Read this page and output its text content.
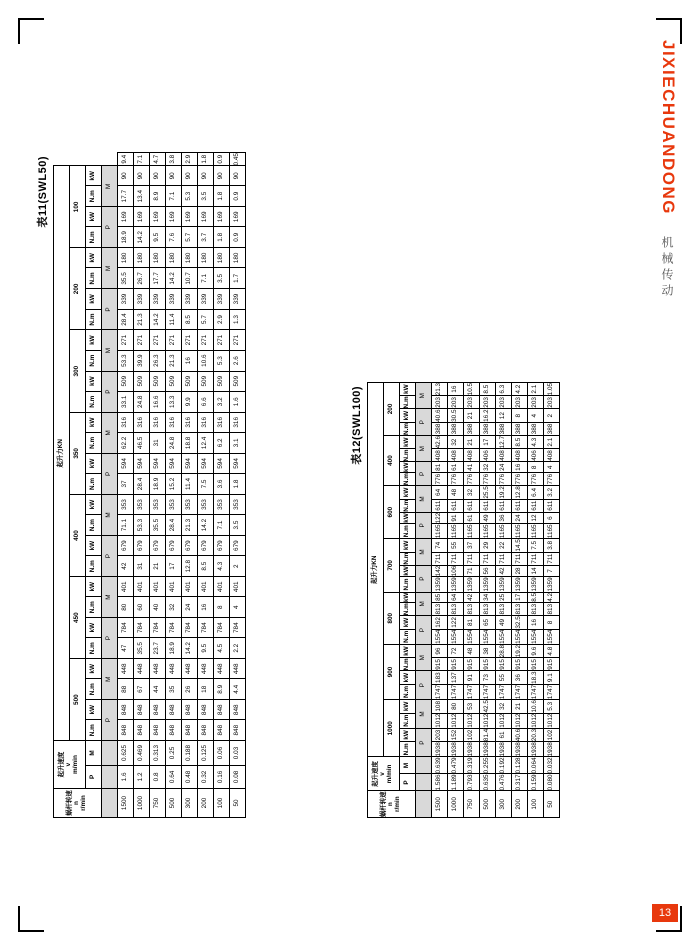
JIXIECHUANDONG
机械传动
13
表11(SWL50)
蜗杆转速 n r/min

起升速度 v m/min
	起升力KN
			500				450				400				350				300				200				100				
	P	M	N.m	kW	N.m	kW	N.m	kW	N.m	kW	N.m	kW	N.m	kW	N.m	kW	N.m	kW	N.m	kW	N.m	kW	N.m	kW	N.m	kW	N.m	kW	N.m	kW	
			P		M		P		M		P		M		P		M		P		M		P		M		P		M		
1500	1.6	0.625	848	848	88	448	47	784	80	401	42	679	71.1	353	37	594	62.2	316	33.1	509	53.3	271	28.4	339	35.5	180	18.9	169	17.7	90	9.4
1000	1.2	0.469	848	848	67	448	35.5	784	60	401	31	679	53.3	353	28.4	594	46.5	316	24.8	509	39.9	271	21.3	339	26.7	180	14.2	169	13.4	90	7.1
750	0.8	0.313	848	848	44	448	23.7	784	40	401	21	679	35.5	353	18.9	594	31	316	16.6	509	26.3	271	14.2	339	17.7	180	9.5	169	8.9	90	4.7
500	0.64	0.25	848	848	35	448	18.9	784	32	401	17	679	28.4	353	15.2	594	24.8	316	13.3	509	21.3	271	11.4	339	14.2	180	7.6	169	7.1	90	3.8
300	0.48	0.188	848	848	26	448	14.2	784	24	401	12.8	679	21.3	353	11.4	594	18.8	316	9.9	509	16	271	8.5	339	10.7	180	5.7	169	5.3	90	2.9
200	0.32	0.125	848	848	18	448	9.5	784	16	401	8.5	679	14.2	353	7.5	594	12.4	316	6.6	509	10.6	271	5.7	339	7.1	180	3.7	169	3.5	90	1.8
100	0.16	0.06	848	848	8.9	448	4.5	784	8	401	4.3	679	7.1	353	3.6	594	6.2	316	3.2	509	5.3	271	2.9	339	3.5	180	1.8	169	1.8	90	0.9
50	0.08	0.03	848	848	4.4	448	2.2	784	4	401	2	679	3.5	353	1.8	594	3.1	316	1.6	509	2.6	271	1.3	339	1.7	180	0.9	169	0.9	90	0.45
表12(SWL100)
蜗杆转速 n r/min

起升速度 v m/min
	起升力KN
			1000				900				800				700				600				400				200			
	P	M	N.m	kW	N.m	kW	N.m	kW	N.m	kW	N.m	kW	N.m	kW	N.m	kW	N.m	kW	N.m	kW	N.m	kW	N.m	kW	N.m	kW	N.m	kW	N.m	kW
			P		M		P		M		P		M		P		M		P		M		P		M		P		M	
1500	1.586	0.639	1938	203	1012	108	1747	183	915	96	1554	162	813	85	1359	142	711	74	1165	122	611	64	776	81	408	42.6	388	40.6	203	21.3
1000	1.189	0.479	1938	152	1012	80	1747	137	915	72	1554	122	813	64	1359	106	711	55	1165	91	611	48	776	61	408	32	388	30.5	203	16
750	0.793	0.319	1938	102	1012	53	1747	91	915	48	1554	81	813	42	1359	71	711	37	1165	61	611	32	776	41	408	21	388	21	203	10.5
500	0.635	0.255	1938	81.4	1012	42.5	1747	73	915	38	1554	65	813	34	1359	56	711	29	1165	49	611	25.5	776	32	406	17	388	16.2	203	8.5
300	0.476	0.192	1938	61	1012	32	1747	55	915	28.8	1554	49	813	25	1359	42	711	22	1165	36	611	19.2	776	24	408	12.7	388	12	203	6.3
200	0.317	0.128	1938	40.6	1012	21	1747	36	915	19.2	1554	32.5	813	17	1359	28	711	14.5	1165	24	611	12.8	776	16	408	8.5	388	8	203	4.2
100	0.159	0.064	1938	20.3	1012	10.6	1747	18.3	915	9.6	1554	16	813	8.5	1359	14	711	7.5	1165	12	611	6.4	776	8	406	4.3	388	4	203	2.1
50	0.080	0.032	1938	102	1012	5.3	1747	9.1	915	4.8	1554	8	813	4.2	1359	7	711	3.8	1165	6	611	3.2	776	4	408	2.1	388	2	203	1.05
